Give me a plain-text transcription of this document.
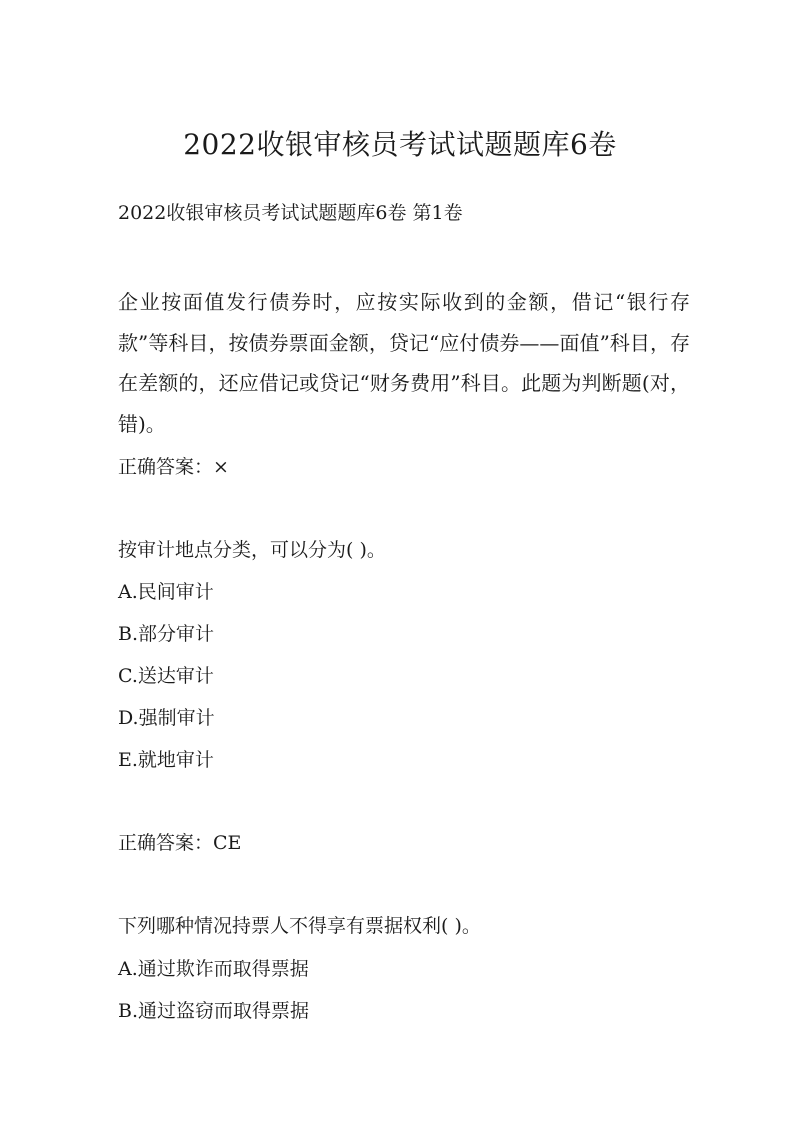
2022收银审核员考试试题题库6卷
2022收银审核员考试试题题库6卷 第1卷
企业按面值发行债券时，应按实际收到的金额，借记“银行存款”等科目，按债券票面金额，贷记“应付债券——面值”科目，存在差额的，还应借记或贷记“财务费用”科目。此题为判断题(对，错)。
正确答案：×
按审计地点分类，可以分为( )。
A.民间审计
B.部分审计
C.送达审计
D.强制审计
E.就地审计
正确答案：CE
下列哪种情况持票人不得享有票据权利( )。
A.通过欺诈而取得票据
B.通过盗窃而取得票据
